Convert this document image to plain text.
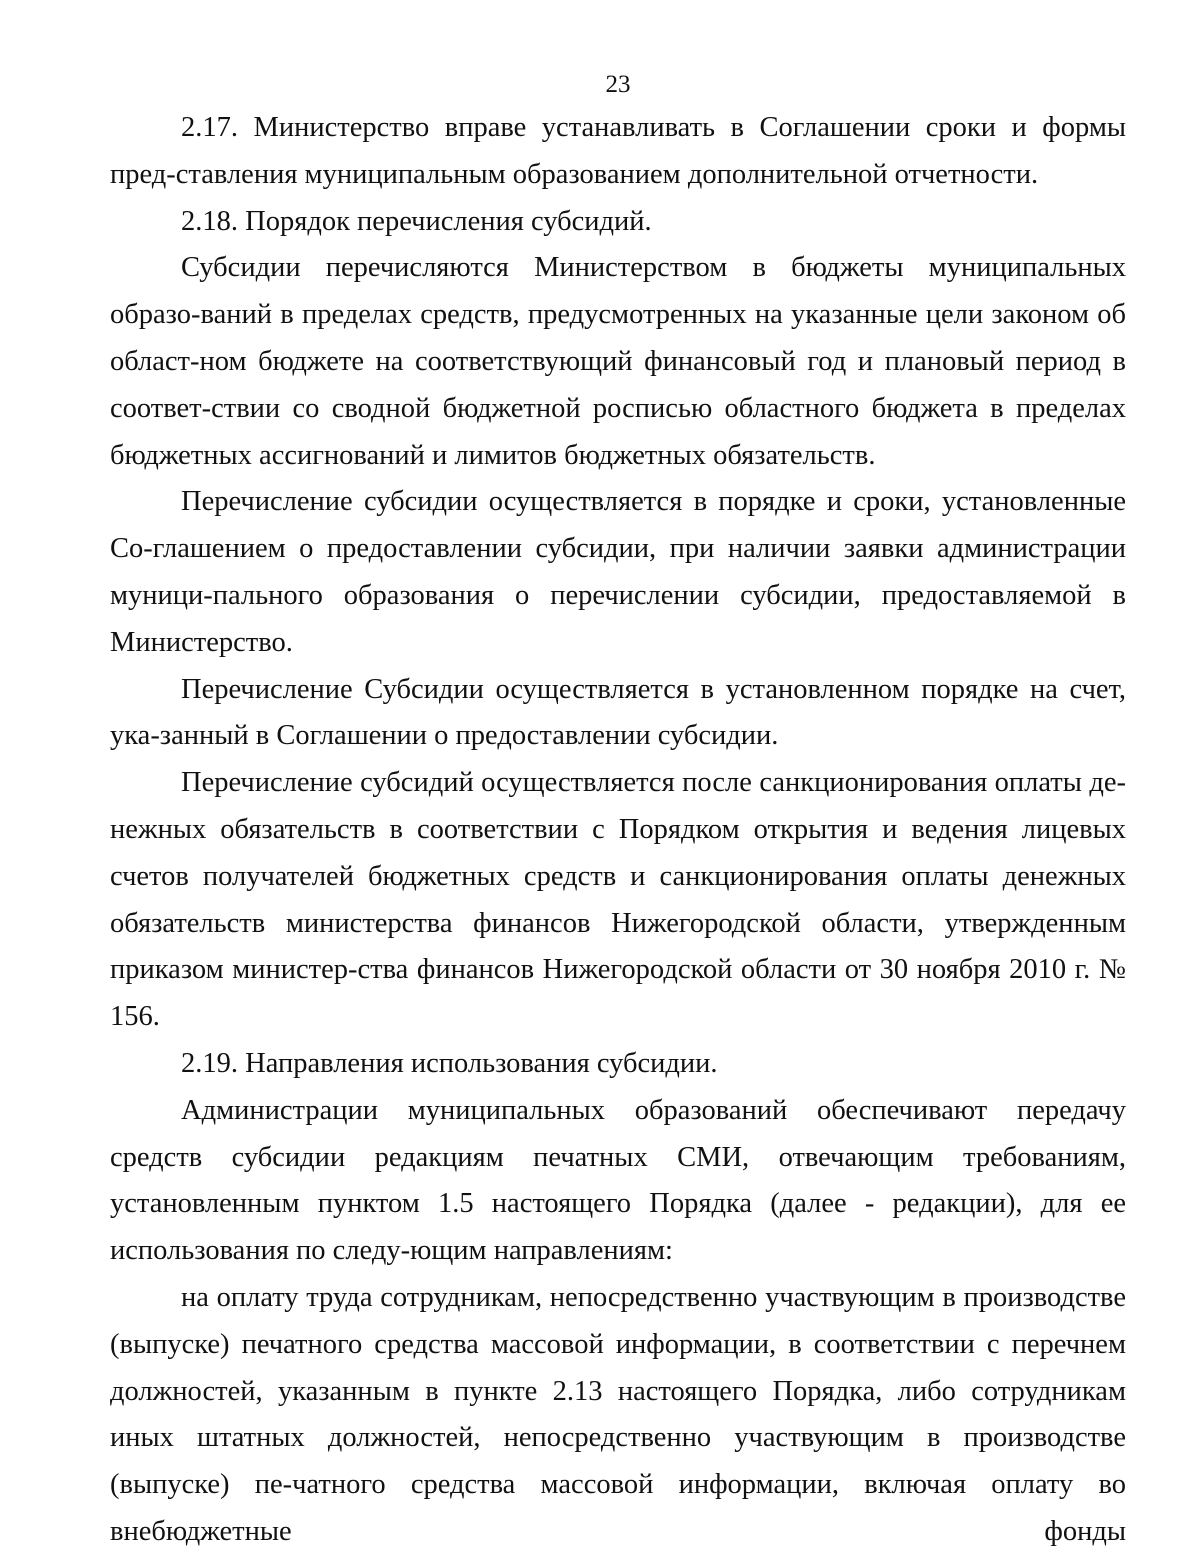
23

2.17. Министерство вправе устанавливать в Соглашении сроки и формы пред-ставления муниципальным образованием дополнительной отчетности.

2.18. Порядок перечисления субсидий.

Субсидии перечисляются Министерством в бюджеты муниципальных образо-ваний в пределах средств, предусмотренных на указанные цели законом об област-ном бюджете на соответствующий финансовый год и плановый период в соответ-ствии со сводной бюджетной росписью областного бюджета в пределах бюджетных ассигнований и лимитов бюджетных обязательств.

Перечисление субсидии осуществляется в порядке и сроки, установленные Со-глашением о предоставлении субсидии, при наличии заявки администрации муници-пального образования о перечислении субсидии, предоставляемой в Министерство.

Перечисление Субсидии осуществляется в установленном порядке на счет, ука-занный в Соглашении о предоставлении субсидии.

Перечисление субсидий осуществляется после санкционирования оплаты де-нежных обязательств в соответствии с Порядком открытия и ведения лицевых счетов получателей бюджетных средств и санкционирования оплаты денежных обязательств министерства финансов Нижегородской области, утвержденным приказом министер-ства финансов Нижегородской области от 30 ноября 2010 г. № 156.

2.19. Направления использования субсидии.

Администрации муниципальных образований обеспечивают передачу средств субсидии редакциям печатных СМИ, отвечающим требованиям, установленным пунктом 1.5 настоящего Порядка (далее - редакции), для ее использования по следу-ющим направлениям:

на оплату труда сотрудникам, непосредственно участвующим в производстве (выпуске) печатного средства массовой информации, в соответствии с перечнем должностей, указанным в пункте 2.13 настоящего Порядка, либо сотрудникам иных штатных должностей, непосредственно участвующим в производстве (выпуске) пе-чатного средства массовой информации, включая оплату во внебюджетные фонды
